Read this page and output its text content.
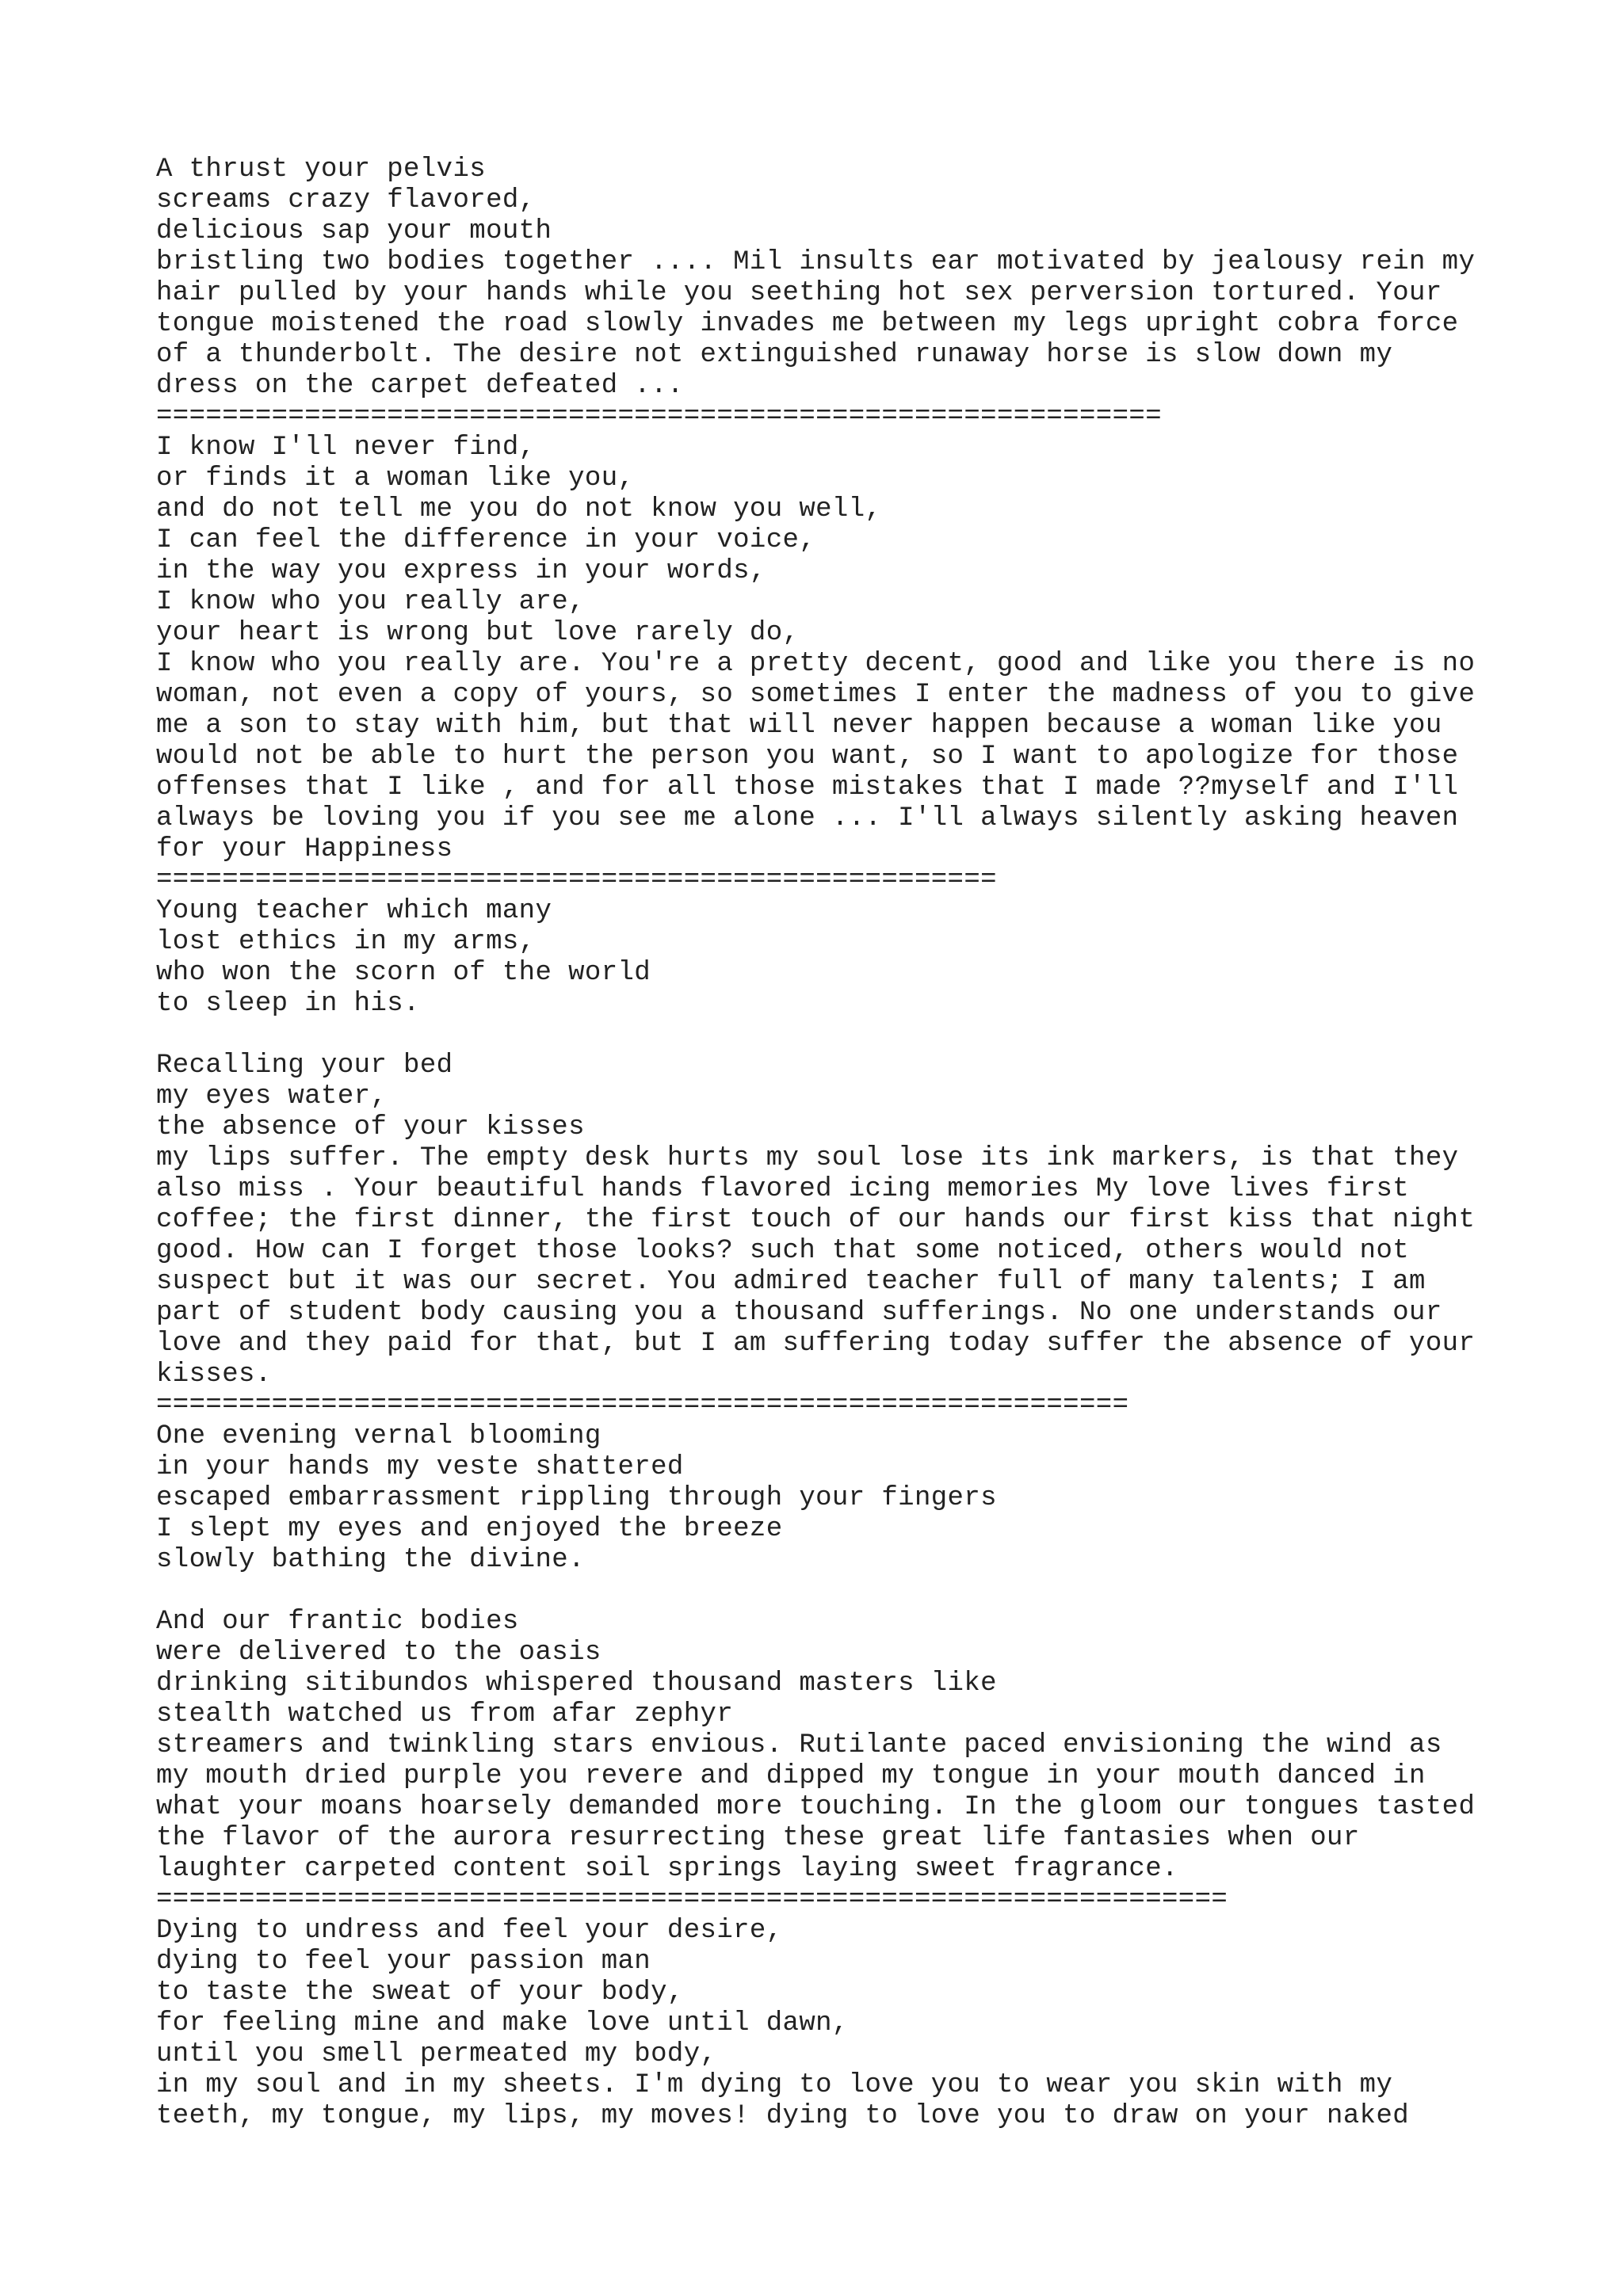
A thrust your pelvis
screams crazy flavored,
delicious sap your mouth
bristling two bodies together .... Mil insults ear motivated by jealousy rein my
hair pulled by your hands while you seething hot sex perversion tortured. Your
tongue moistened the road slowly invades me between my legs upright cobra force
of a thunderbolt. The desire not extinguished runaway horse is slow down my
dress on the carpet defeated ...
=============================================================
I know I'll never find,
or finds it a woman like you,
and do not tell me you do not know you well,
I can feel the difference in your voice,
in the way you express in your words,
I know who you really are,
your heart is wrong but love rarely do,
I know who you really are. You're a pretty decent, good and like you there is no
woman, not even a copy of yours, so sometimes I enter the madness of you to give
me a son to stay with him, but that will never happen because a woman like you
would not be able to hurt the person you want, so I want to apologize for those
offenses that I like , and for all those mistakes that I made ??myself and I'll
always be loving you if you see me alone ... I'll always silently asking heaven
for your Happiness
===================================================
Young teacher which many
lost ethics in my arms,
who won the scorn of the world
to sleep in his.
Recalling your bed
my eyes water,
the absence of your kisses
my lips suffer. The empty desk hurts my soul lose its ink markers, is that they
also miss . Your beautiful hands flavored icing memories My love lives first
coffee; the first dinner, the first touch of our hands our first kiss that night
good. How can I forget those looks? such that some noticed, others would not
suspect but it was our secret. You admired teacher full of many talents; I am
part of student body causing you a thousand sufferings. No one understands our
love and they paid for that, but I am suffering today suffer the absence of your
kisses.
===========================================================
One evening vernal blooming
in your hands my veste shattered
escaped embarrassment rippling through your fingers
I slept my eyes and enjoyed the breeze
slowly bathing the divine.
And our frantic bodies
were delivered to the oasis
drinking sitibundos whispered thousand masters like
stealth watched us from afar zephyr
streamers and twinkling stars envious. Rutilante paced envisioning the wind as
my mouth dried purple you revere and dipped my tongue in your mouth danced in
what your moans hoarsely demanded more touching. In the gloom our tongues tasted
the flavor of the aurora resurrecting these great life fantasies when our
laughter carpeted content soil springs laying sweet fragrance.
=================================================================
Dying to undress and feel your desire,
dying to feel your passion man
to taste the sweat of your body,
for feeling mine and make love until dawn,
until you smell permeated my body,
in my soul and in my sheets. I'm dying to love you to wear you skin with my
teeth, my tongue, my lips, my moves! dying to love you to draw on your naked
